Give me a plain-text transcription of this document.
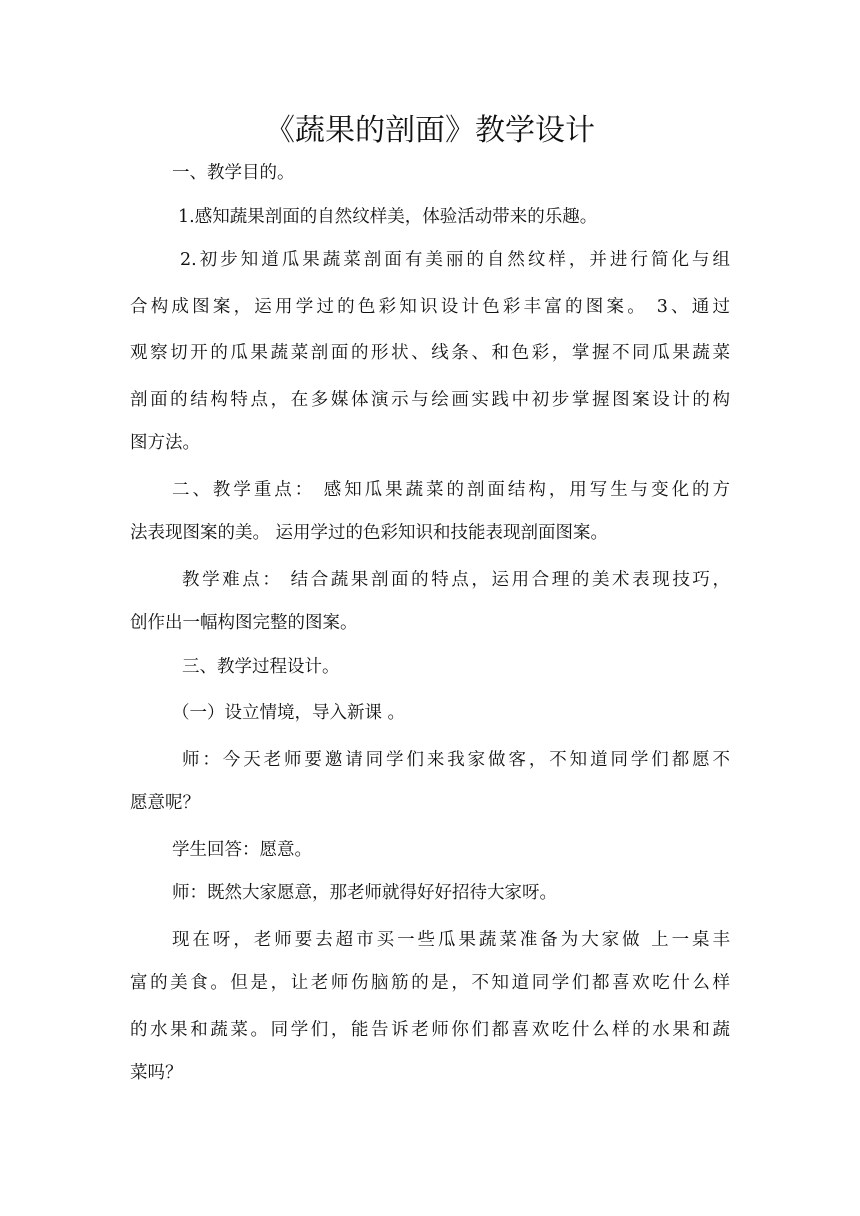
《蔬果的剖面》教学设计

一、教学目的。

1.感知蔬果剖面的自然纹样美，体验活动带来的乐趣。

2.初步知道瓜果蔬菜剖面有美丽的自然纹样，并进行简化与组

合构成图案，运用学过的色彩知识设计色彩丰富的图案。 3、通过

观察切开的瓜果蔬菜剖面的形状、线条、和色彩，掌握不同瓜果蔬菜

剖面的结构特点，在多媒体演示与绘画实践中初步掌握图案设计的构

图方法。

二、教学重点： 感知瓜果蔬菜的剖面结构，用写生与变化的方

法表现图案的美。 运用学过的色彩知识和技能表现剖面图案。

教学难点： 结合蔬果剖面的特点，运用合理的美术表现技巧，

创作出一幅构图完整的图案。

三、教学过程设计。

（一）设立情境，导入新课 。

师：今天老师要邀请同学们来我家做客，不知道同学们都愿不

愿意呢？

学生回答：愿意。

师：既然大家愿意，那老师就得好好招待大家呀。

现在呀，老师要去超市买一些瓜果蔬菜准备为大家做 上一桌丰

富的美食。但是，让老师伤脑筋的是，不知道同学们都喜欢吃什么样

的水果和蔬菜。同学们，能告诉老师你们都喜欢吃什么样的水果和蔬

菜吗？
